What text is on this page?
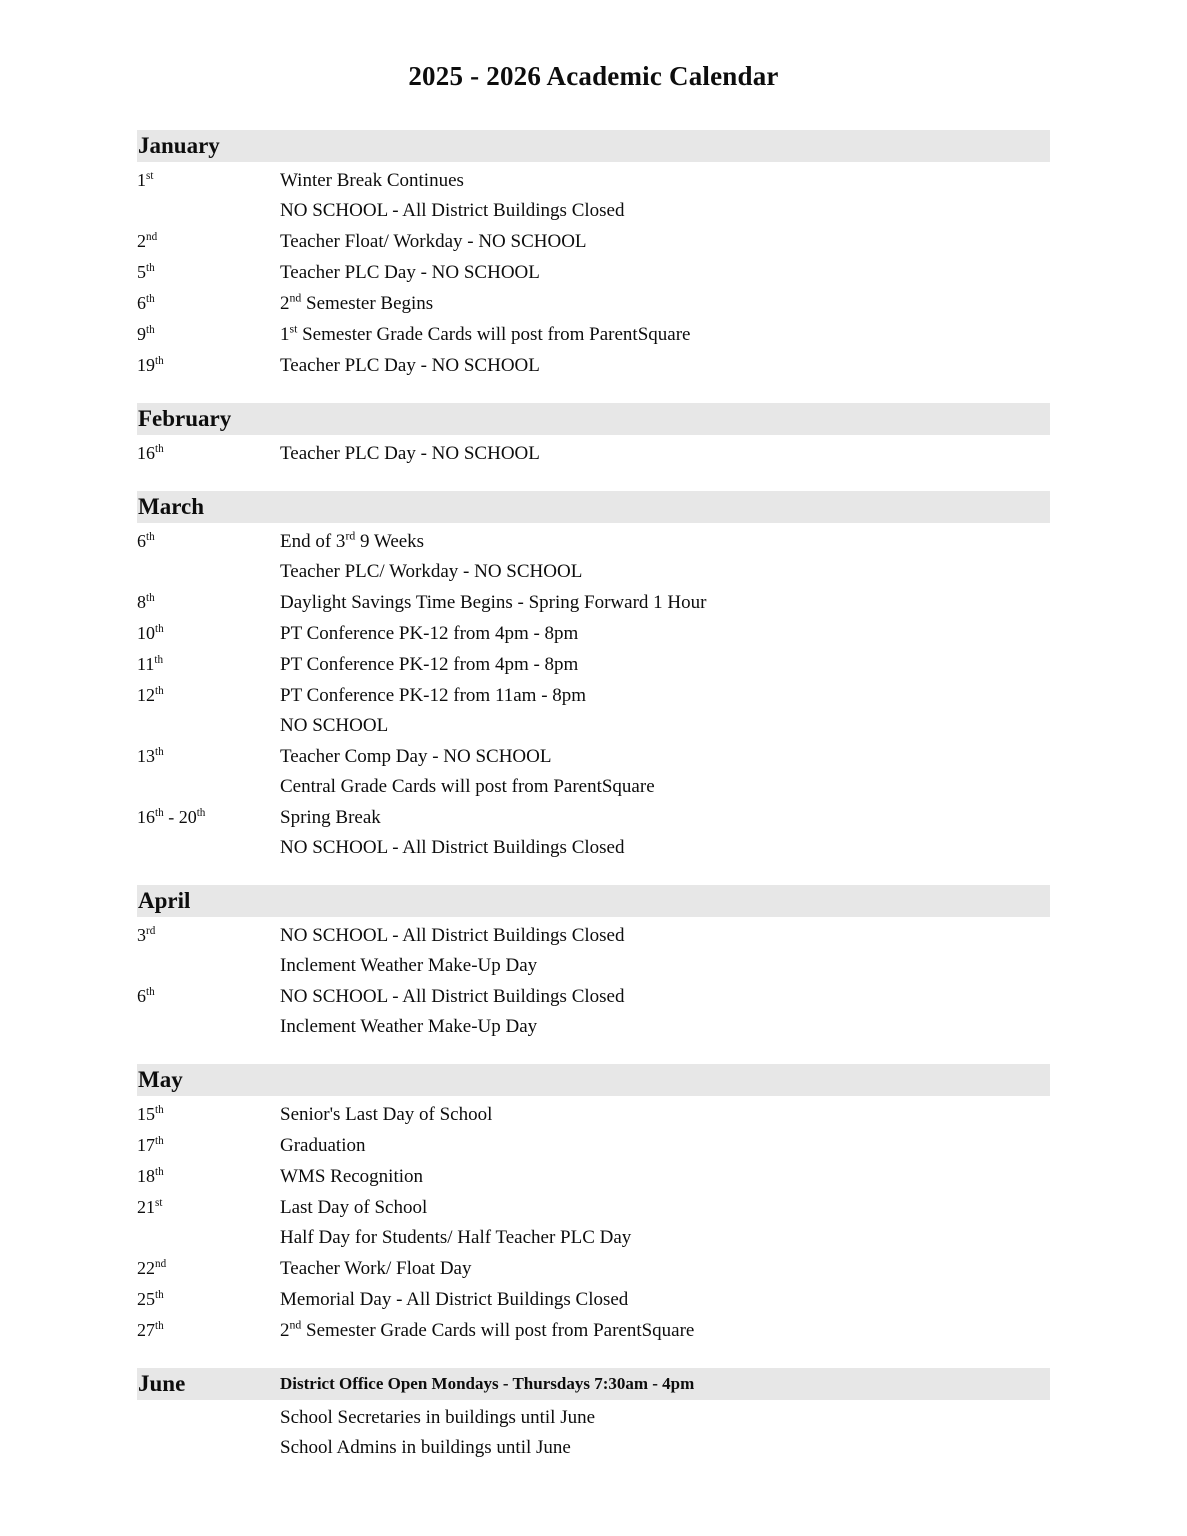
2025 - 2026 Academic Calendar
January
1st	Winter Break Continues
NO SCHOOL - All District Buildings Closed
2nd	Teacher Float/ Workday - NO SCHOOL
5th	Teacher PLC Day - NO SCHOOL
6th	2nd Semester Begins
9th	1st Semester Grade Cards will post from ParentSquare
19th	Teacher PLC Day - NO SCHOOL
February
16th	Teacher PLC Day - NO SCHOOL
March
6th	End of 3rd 9 Weeks
Teacher PLC/ Workday - NO SCHOOL
8th	Daylight Savings Time Begins - Spring Forward 1 Hour
10th	PT Conference PK-12 from 4pm - 8pm
11th	PT Conference PK-12 from 4pm - 8pm
12th	PT Conference PK-12 from 11am - 8pm
NO SCHOOL
13th	Teacher Comp Day - NO SCHOOL
Central Grade Cards will post from ParentSquare
16th - 20th	Spring Break
NO SCHOOL - All District Buildings Closed
April
3rd	NO SCHOOL - All District Buildings Closed
Inclement Weather Make-Up Day
6th	NO SCHOOL - All District Buildings Closed
Inclement Weather Make-Up Day
May
15th	Senior's Last Day of School
17th	Graduation
18th	WMS Recognition
21st	Last Day of School
Half Day for Students/ Half Teacher PLC Day
22nd	Teacher Work/ Float Day
25th	Memorial Day - All District Buildings Closed
27th	2nd Semester Grade Cards will post from ParentSquare
June	District Office Open Mondays - Thursdays 7:30am - 4pm
School Secretaries in buildings until June
School Admins in buildings until June
